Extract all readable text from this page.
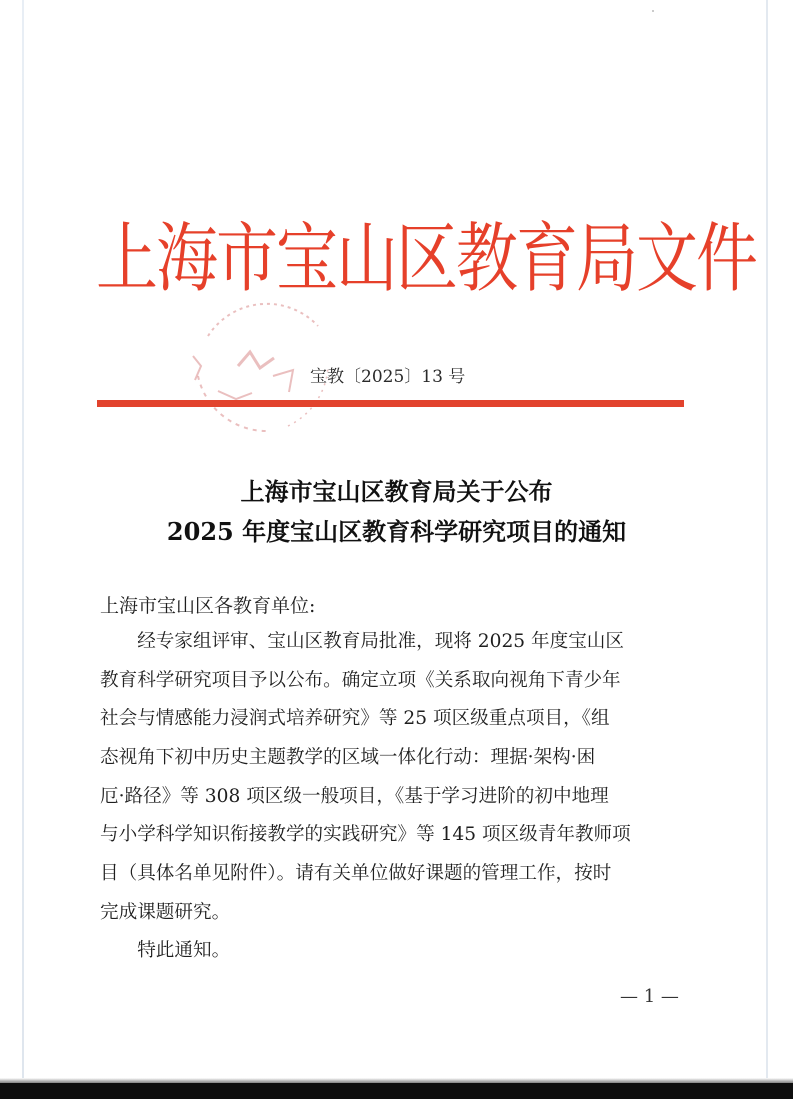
上海市宝山区教育局文件
宝教〔2025〕13 号
上海市宝山区教育局关于公布
2025 年度宝山区教育科学研究项目的通知
上海市宝山区各教育单位:
　　经专家组评审、宝山区教育局批准，现将 2025 年度宝山区
教育科学研究项目予以公布。确定立项《关系取向视角下青少年
社会与情感能力浸润式培养研究》等 25 项区级重点项目，《组
态视角下初中历史主题教学的区域一体化行动：理据·架构·困
厄·路径》等 308 项区级一般项目，《基于学习进阶的初中地理
与小学科学知识衔接教学的实践研究》等 145 项区级青年教师项
目（具体名单见附件）。请有关单位做好课题的管理工作，按时
完成课题研究。
　　特此通知。
— 1 —
